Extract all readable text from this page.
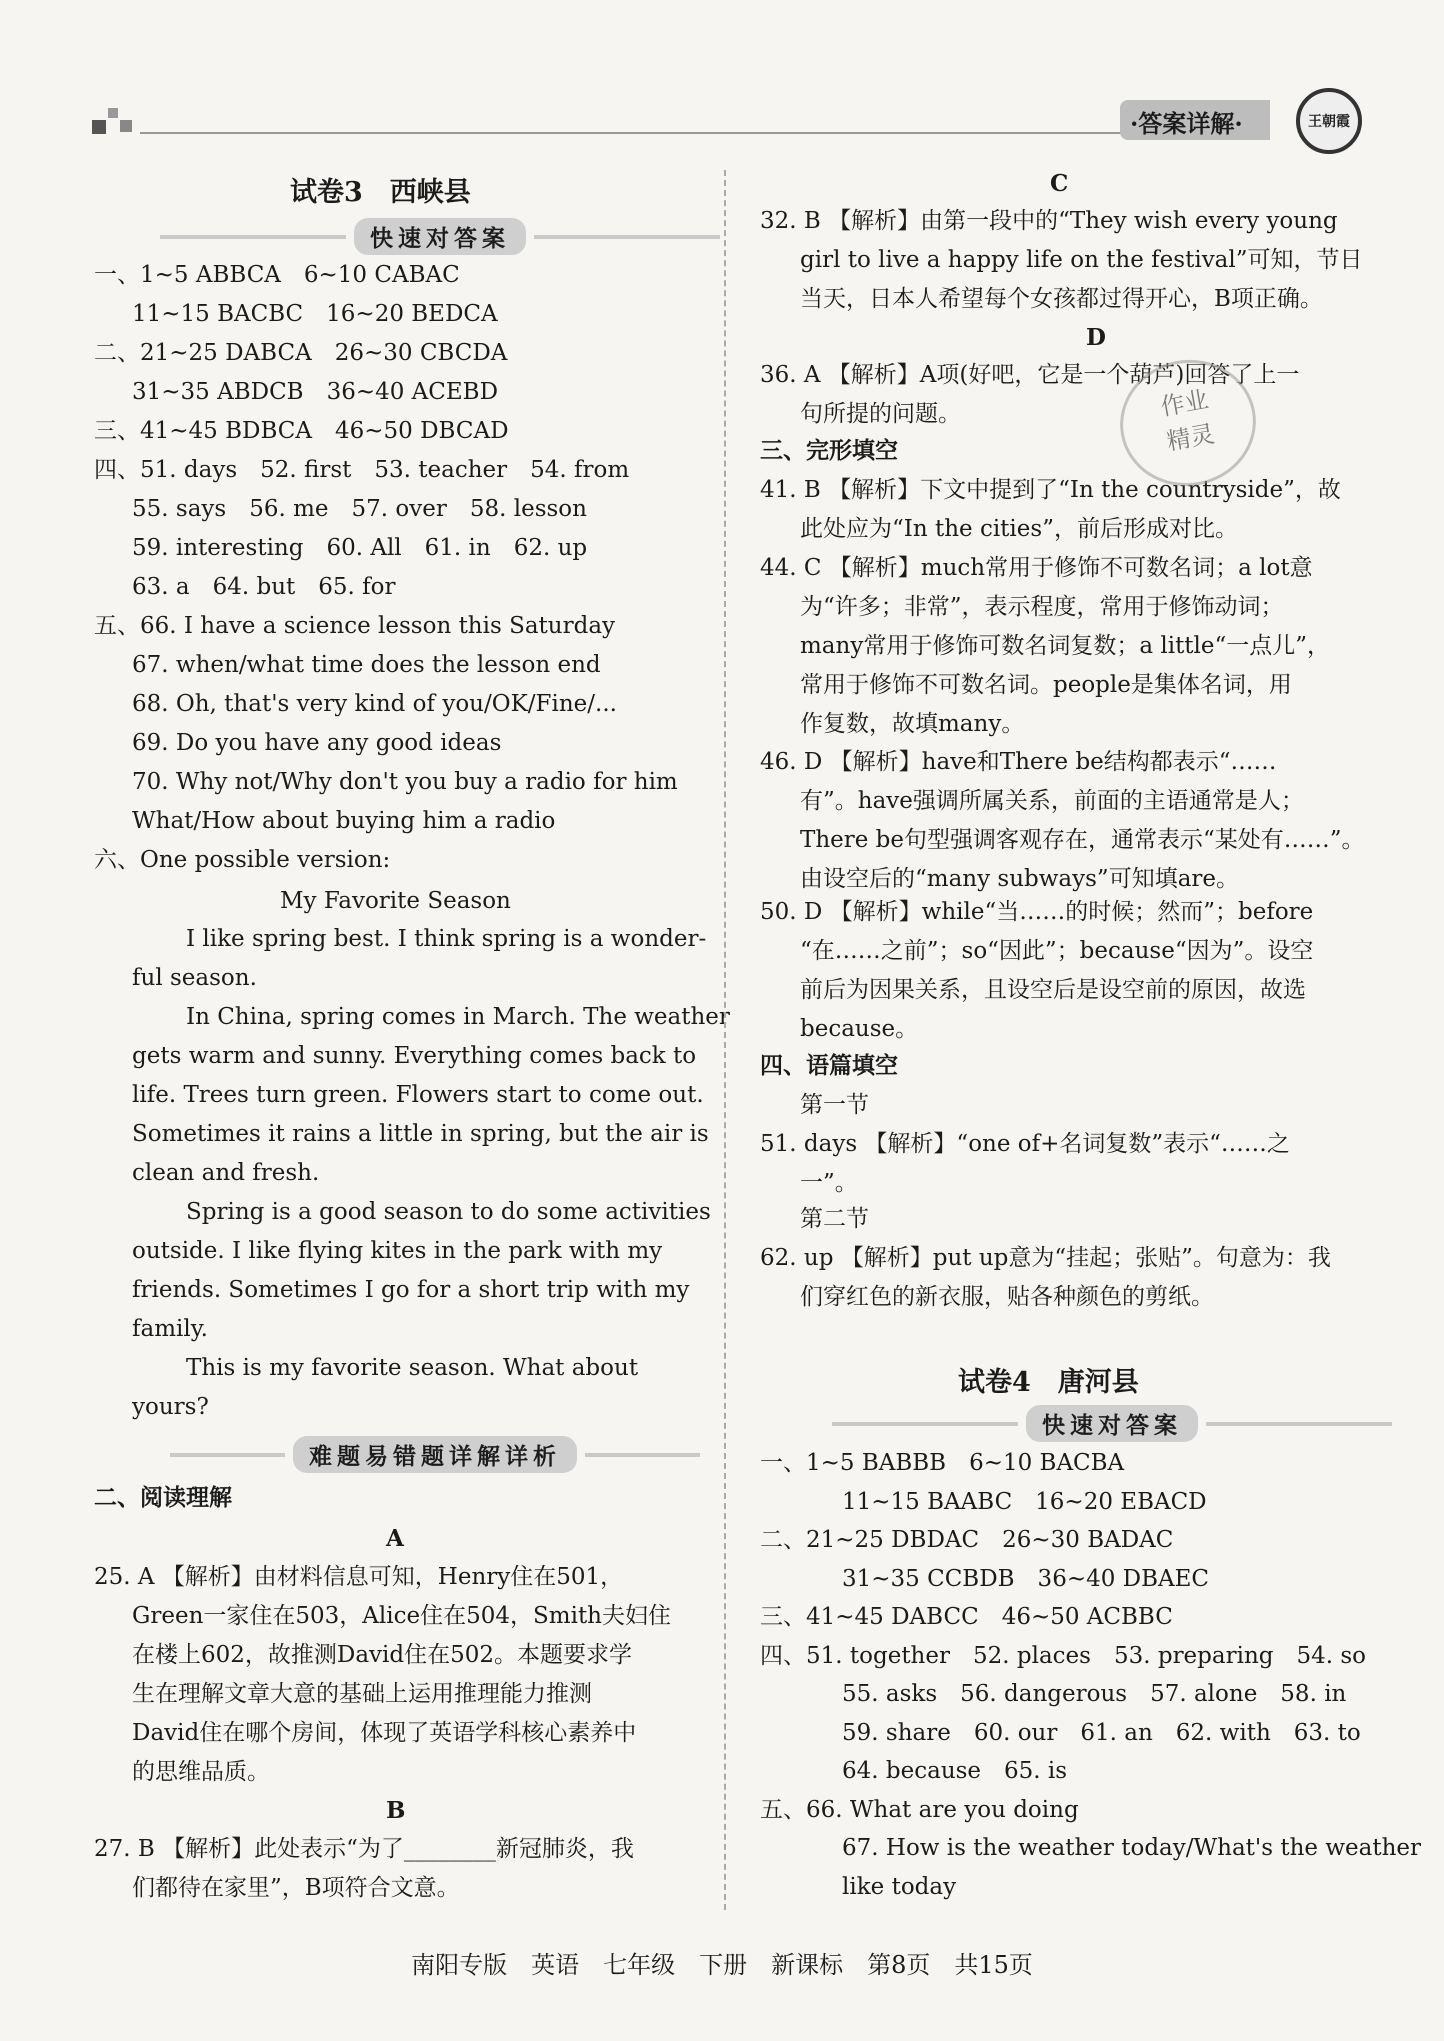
·答案详解·	王朝霞
试卷3　西峡县
快速对答案
一、1~5 ABBCA　6~10 CABAC
11~15 BACBC　16~20 BEDCA
二、21~25 DABCA　26~30 CBCDA
31~35 ABDCB　36~40 ACEBD
三、41~45 BDBCA　46~50 DBCAD
四、51. days　52. first　53. teacher　54. from
55. says　56. me　57. over　58. lesson
59. interesting　60. All　61. in　62. up
63. a　64. but　65. for
五、66. I have a science lesson this Saturday
67. when/what time does the lesson end
68. Oh, that's very kind of you/OK/Fine/...
69. Do you have any good ideas
70. Why not/Why don't you buy a radio for him
What/How about buying him a radio
六、One possible version:
My Favorite Season
I like spring best. I think spring is a wonder-
ful season.
In China, spring comes in March. The weather
gets warm and sunny. Everything comes back to
life. Trees turn green. Flowers start to come out.
Sometimes it rains a little in spring, but the air is
clean and fresh.
Spring is a good season to do some activities
outside. I like flying kites in the park with my
friends. Sometimes I go for a short trip with my
family.
This is my favorite season. What about
yours?
难题易错题详解详析
二、阅读理解
A
25. A 【解析】由材料信息可知，Henry住在501，
Green一家住在503，Alice住在504，Smith夫妇住
在楼上602，故推测David住在502。本题要求学
生在理解文章大意的基础上运用推理能力推测
David住在哪个房间，体现了英语学科核心素养中
的思维品质。
B
27. B 【解析】此处表示“为了________新冠肺炎，我
们都待在家里”，B项符合文意。
C
32. B 【解析】由第一段中的“They wish every young
girl to live a happy life on the festival”可知，节日
当天，日本人希望每个女孩都过得开心，B项正确。
D
36. A 【解析】A项(好吧，它是一个葫芦)回答了上一
句所提的问题。
三、完形填空
41. B 【解析】下文中提到了“In the countryside”，故
此处应为“In the cities”，前后形成对比。
44. C 【解析】much常用于修饰不可数名词；a lot意
为“许多；非常”，表示程度，常用于修饰动词；
many常用于修饰可数名词复数；a little“一点儿”，
常用于修饰不可数名词。people是集体名词，用
作复数，故填many。
46. D 【解析】have和There be结构都表示“……
有”。have强调所属关系，前面的主语通常是人；
There be句型强调客观存在，通常表示“某处有……”。
由设空后的“many subways”可知填are。
50. D 【解析】while“当……的时候；然而”；before
“在……之前”；so“因此”；because“因为”。设空
前后为因果关系，且设空后是设空前的原因，故选
because。
四、语篇填空
第一节
51. days 【解析】“one of+名词复数”表示“……之
一”。
第二节
62. up 【解析】put up意为“挂起；张贴”。句意为：我
们穿红色的新衣服，贴各种颜色的剪纸。
试卷4　唐河县
快速对答案
一、1~5 BABBB　6~10 BACBA
11~15 BAABC　16~20 EBACD
二、21~25 DBDAC　26~30 BADAC
31~35 CCBDB　36~40 DBAEC
三、41~45 DABCC　46~50 ACBBC
四、51. together　52. places　53. preparing　54. so
55. asks　56. dangerous　57. alone　58. in
59. share　60. our　61. an　62. with　63. to
64. because　65. is
五、66. What are you doing
67. How is the weather today/What's the weather
like today
作业
精灵
南阳专版　英语　七年级　下册　新课标　第8页　共15页
